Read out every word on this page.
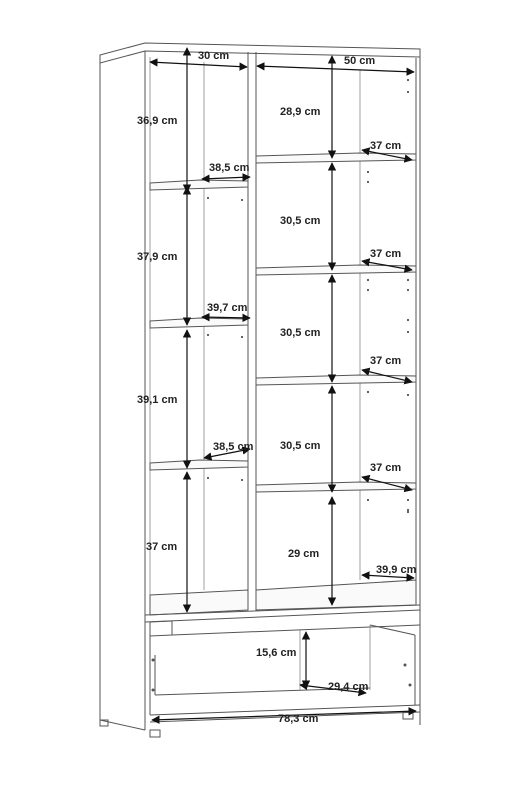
30 cm	50 cm
36,9 cm
37,9 cm
39,1 cm
37 cm
38,5 cm
39,7 cm
38,5 cm
28,9 cm
30,5 cm
30,5 cm
30,5 cm
29 cm
37 cm
37 cm
37 cm
37 cm
39,9 cm
15,6 cm
29,4 cm
78,3 cm
